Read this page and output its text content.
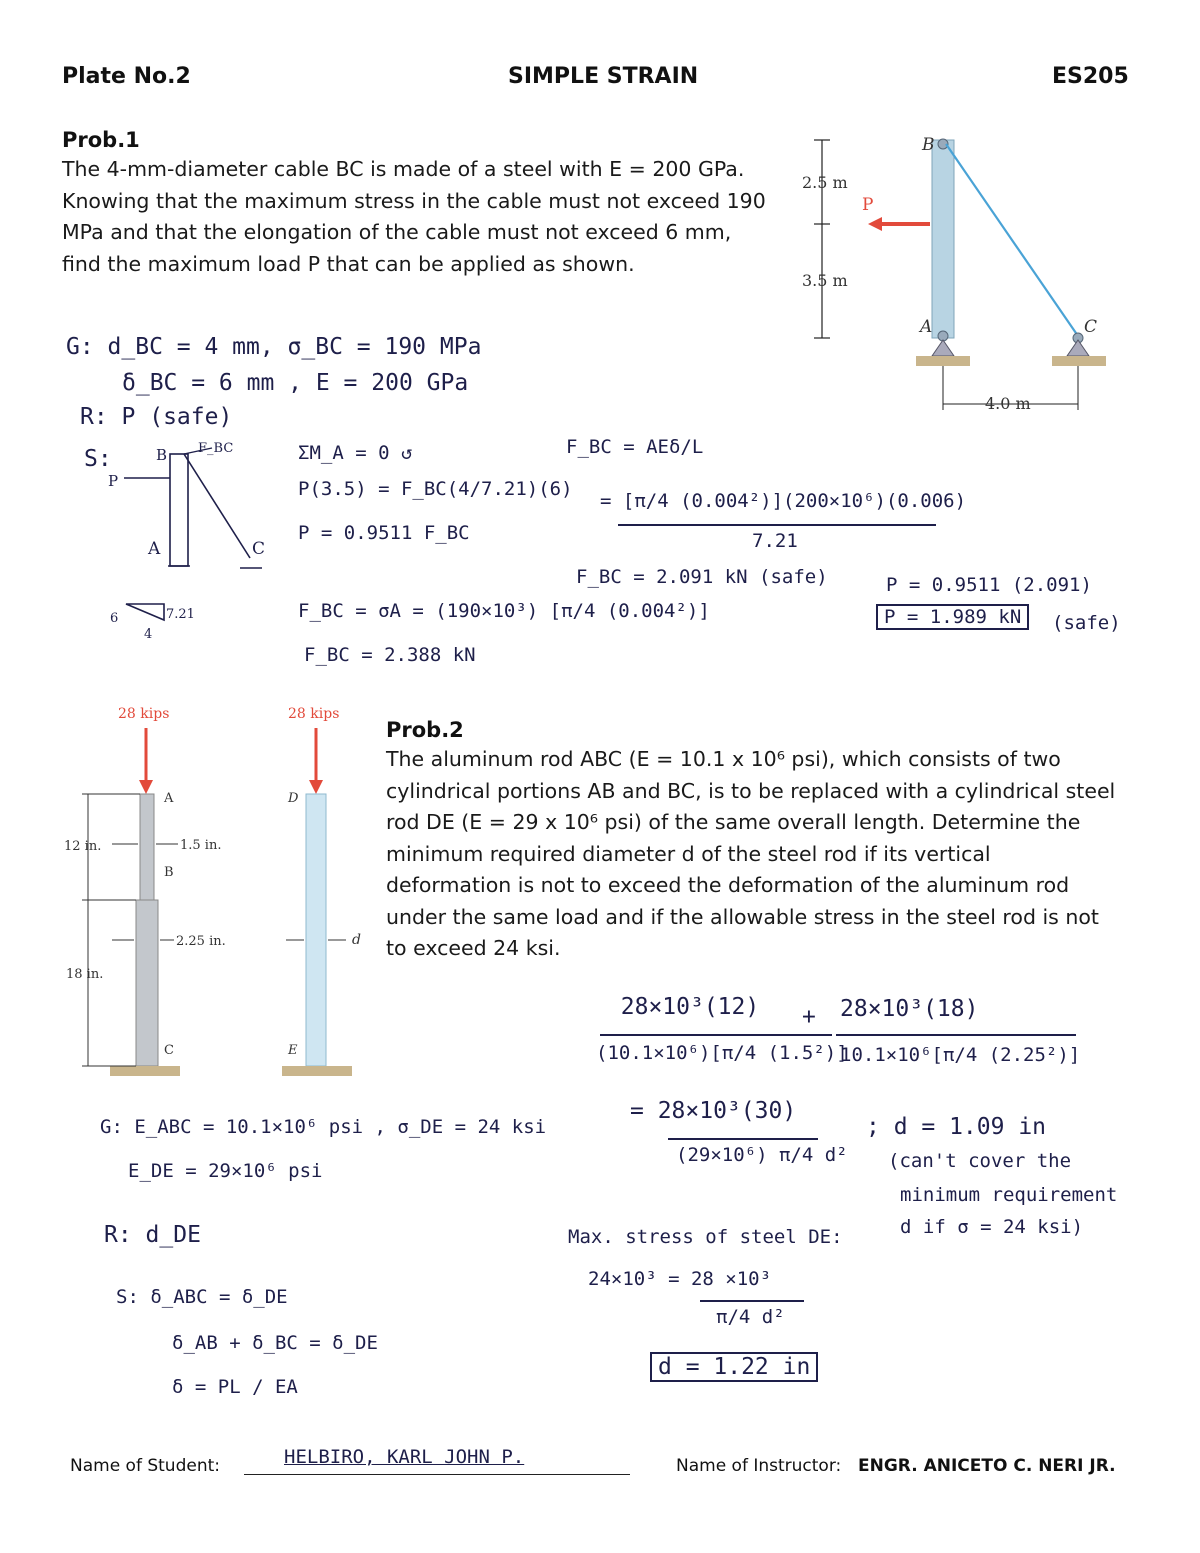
Plate No.2	SIMPLE STRAIN	ES205
Prob.1
The 4-mm-diameter cable BC is made of a steel with E = 200 GPa. Knowing that the maximum stress in the cable must not exceed 190 MPa and that the elongation of the cable must not exceed 6 mm, find the maximum load P that can be applied as shown.
2.5 m
3.5 m
B
A	C
P
4.0 m
G: d_BC = 4 mm, σ_BC = 190 MPa
δ_BC = 6 mm , E = 200 GPa
R: P (safe)
S:	B F_BC
P
A	C
6	7.21
4
ΣM_A = 0 ↺
P(3.5) = F_BC(4/7.21)(6)
P = 0.9511 F_BC
F_BC = AEδ/L
= [π/4 (0.004²)](200×10⁶)(0.006)
7.21
F_BC = 2.091 kN (safe)	P = 0.9511 (2.091)
P = 1.989 kN	(safe)
F_BC = σA = (190×10³) [π/4 (0.004²)]
F_BC = 2.388 kN
28 kips	28 kips
A
B
C
D
E
12 in.
18 in.
1.5 in.
2.25 in.	d
Prob.2
The aluminum rod ABC (E = 10.1 x 10⁶ psi), which consists of two cylindrical portions AB and BC, is to be replaced with a cylindrical steel rod DE (E = 29 x 10⁶ psi) of the same overall length. Determine the minimum required diameter d of the steel rod if its vertical deformation is not to exceed the deformation of the aluminum rod under the same load and if the allowable stress in the steel rod is not to exceed 24 ksi.
28×10³(12)
(10.1×10⁶)[π/4 (1.5²)]
+ 28×10³(18)
10.1×10⁶[π/4 (2.25²)]
= 28×10³(30)
(29×10⁶) π/4 d²
; d = 1.09 in
(can't cover the
minimum requirement
d if σ = 24 ksi)
G: E_ABC = 10.1×10⁶ psi , σ_DE = 24 ksi
E_DE = 29×10⁶ psi
R: d_DE
S: δ_ABC = δ_DE
δ_AB + δ_BC = δ_DE
δ = PL / EA
Max. stress of steel DE:
24×10³ = 28 ×10³
π/4 d²
d = 1.22 in
Name of Student:	HELBIRO, KARL JOHN P.	Name of Instructor: ENGR. ANICETO C. NERI JR.
